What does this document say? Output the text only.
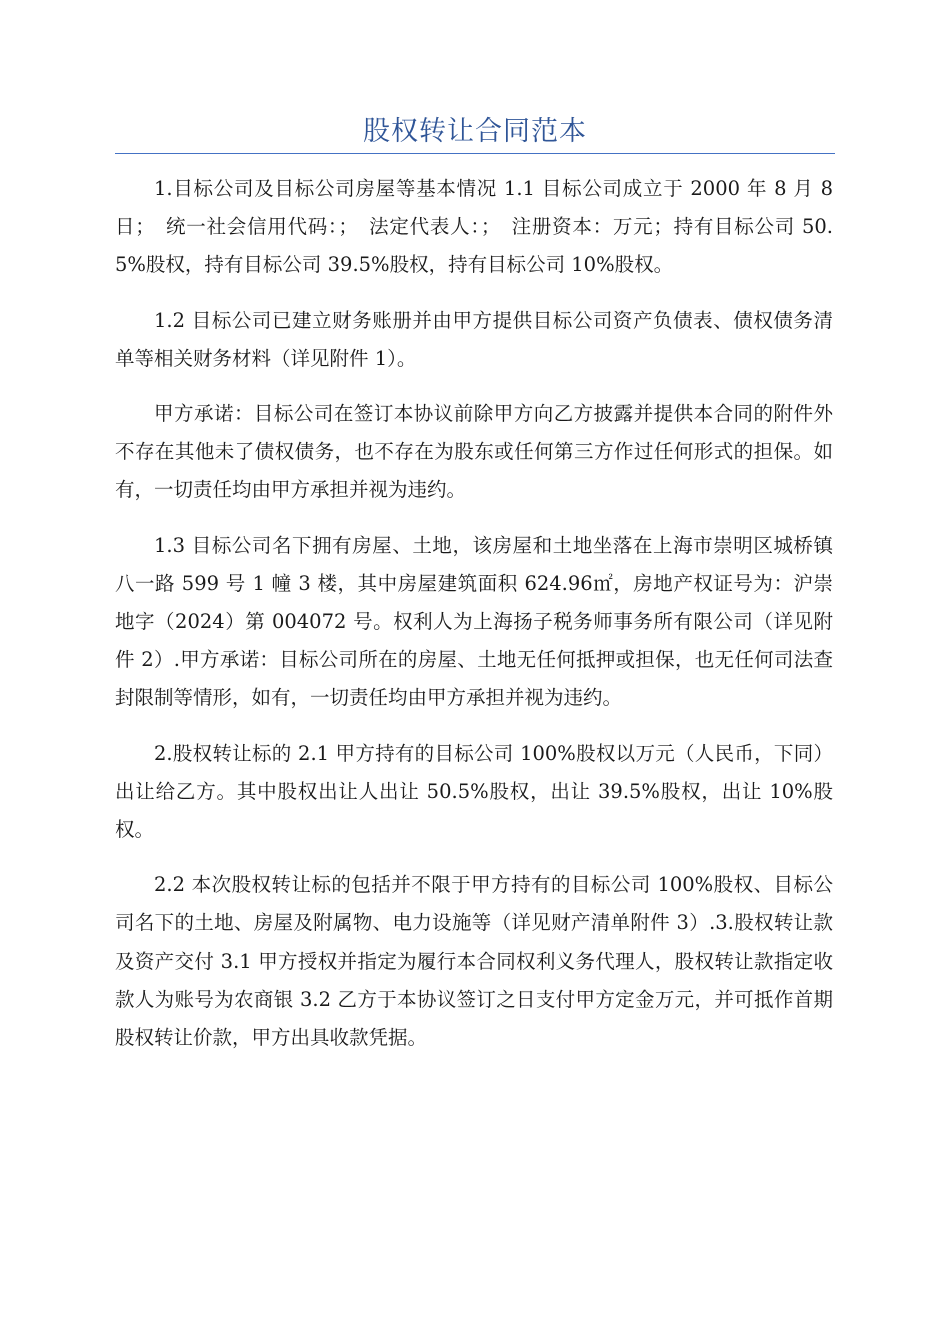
股权转让合同范本

1.目标公司及目标公司房屋等基本情况 1.1 目标公司成立于 2000 年 8 月 8 日；　统一社会信用代码：；　法定代表人：；　注册资本：万元；持有目标公司 50.5%股权，持有目标公司 39.5%股权，持有目标公司 10%股权。

1.2 目标公司已建立财务账册并由甲方提供目标公司资产负债表、债权债务清单等相关财务材料（详见附件 1）。

甲方承诺：目标公司在签订本协议前除甲方向乙方披露并提供本合同的附件外不存在其他未了债权债务，也不存在为股东或任何第三方作过任何形式的担保。如有，一切责任均由甲方承担并视为违约。

1.3 目标公司名下拥有房屋、土地，该房屋和土地坐落在上海市崇明区城桥镇八一路 599 号 1 幢 3 楼，其中房屋建筑面积 624.96㎡，房地产权证号为：沪崇地字（2024）第 004072 号。权利人为上海扬子税务师事务所有限公司（详见附件 2）.甲方承诺：目标公司所在的房屋、土地无任何抵押或担保，也无任何司法查封限制等情形，如有，一切责任均由甲方承担并视为违约。

2.股权转让标的 2.1 甲方持有的目标公司 100%股权以万元（人民币，下同）出让给乙方。其中股权出让人出让 50.5%股权，出让 39.5%股权，出让 10%股权。

2.2 本次股权转让标的包括并不限于甲方持有的目标公司 100%股权、目标公司名下的土地、房屋及附属物、电力设施等（详见财产清单附件 3）.3.股权转让款及资产交付 3.1 甲方授权并指定为履行本合同权利义务代理人，股权转让款指定收款人为账号为农商银 3.2 乙方于本协议签订之日支付甲方定金万元，并可抵作首期股权转让价款，甲方出具收款凭据。
